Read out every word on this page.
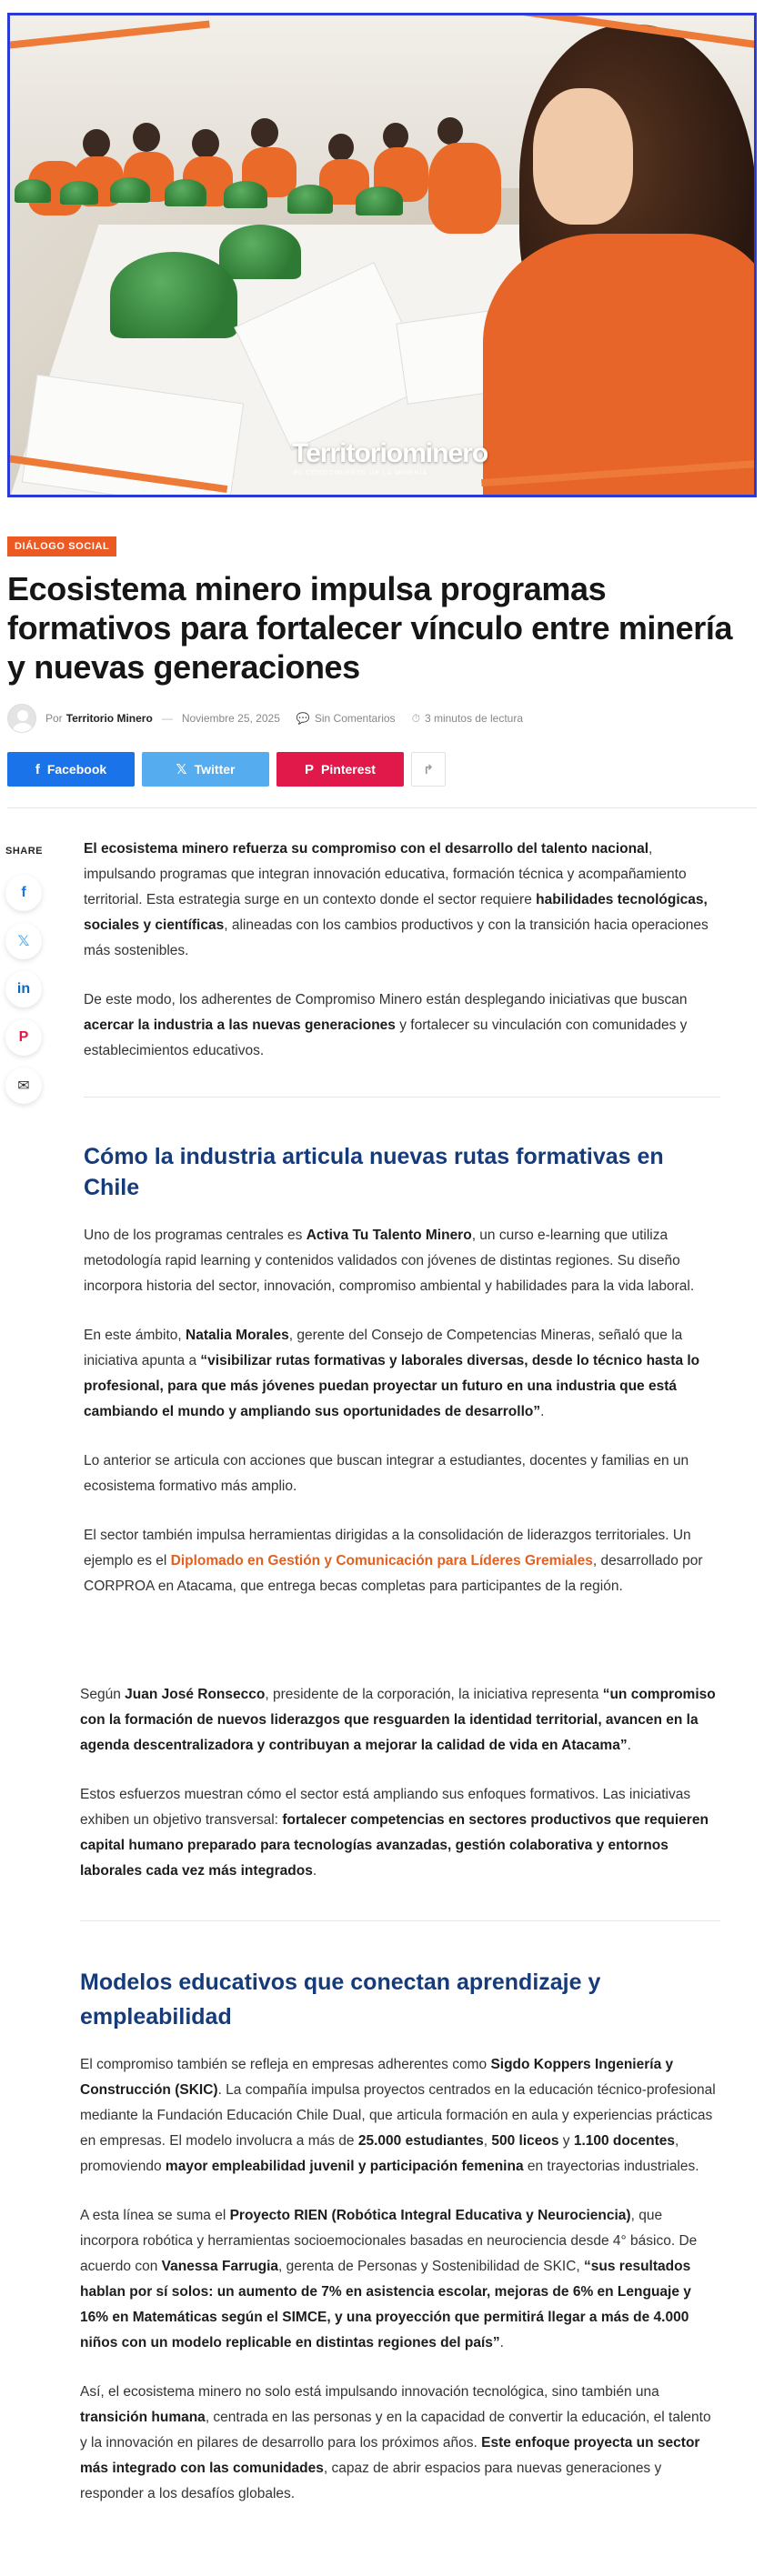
Territoriominero
EL CONOCIMIENTO DE LA MINERÍA
DIÁLOGO SOCIAL
Ecosistema minero impulsa programas formativos para fortalecer vínculo entre minería y nuevas generaciones
Por Territorio Minero — Noviembre 25, 2025 💬 Sin Comentarios ⏱ 3 minutos de lectura
f Facebook	𝕏 Twitter	P Pinterest	↱
SHARE
f
𝕏
in
P
✉

El ecosistema minero refuerza su compromiso con el desarrollo del talento nacional, impulsando programas que integran innovación educativa, formación técnica y acompañamiento territorial. Esta estrategia surge en un contexto donde el sector requiere habilidades tecnológicas, sociales y científicas, alineadas con los cambios productivos y con la transición hacia operaciones más sostenibles.

De este modo, los adherentes de Compromiso Minero están desplegando iniciativas que buscan acercar la industria a las nuevas generaciones y fortalecer su vinculación con comunidades y establecimientos educativos.

Cómo la industria articula nuevas rutas formativas en Chile

Uno de los programas centrales es Activa Tu Talento Minero, un curso e-learning que utiliza metodología rapid learning y contenidos validados con jóvenes de distintas regiones. Su diseño incorpora historia del sector, innovación, compromiso ambiental y habilidades para la vida laboral.

En este ámbito, Natalia Morales, gerente del Consejo de Competencias Mineras, señaló que la iniciativa apunta a “visibilizar rutas formativas y laborales diversas, desde lo técnico hasta lo profesional, para que más jóvenes puedan proyectar un futuro en una industria que está cambiando el mundo y ampliando sus oportunidades de desarrollo”.

Lo anterior se articula con acciones que buscan integrar a estudiantes, docentes y familias en un ecosistema formativo más amplio.

El sector también impulsa herramientas dirigidas a la consolidación de liderazgos territoriales. Un ejemplo es el Diplomado en Gestión y Comunicación para Líderes Gremiales, desarrollado por CORPROA en Atacama, que entrega becas completas para participantes de la región.

Según Juan José Ronsecco, presidente de la corporación, la iniciativa representa “un compromiso con la formación de nuevos liderazgos que resguarden la identidad territorial, avancen en la agenda descentralizadora y contribuyan a mejorar la calidad de vida en Atacama”.

Estos esfuerzos muestran cómo el sector está ampliando sus enfoques formativos. Las iniciativas exhiben un objetivo transversal: fortalecer competencias en sectores productivos que requieren capital humano preparado para tecnologías avanzadas, gestión colaborativa y entornos laborales cada vez más integrados.

Modelos educativos que conectan aprendizaje y empleabilidad

El compromiso también se refleja en empresas adherentes como Sigdo Koppers Ingeniería y Construcción (SKIC). La compañía impulsa proyectos centrados en la educación técnico-profesional mediante la Fundación Educación Chile Dual, que articula formación en aula y experiencias prácticas en empresas. El modelo involucra a más de 25.000 estudiantes, 500 liceos y 1.100 docentes, promoviendo mayor empleabilidad juvenil y participación femenina en trayectorias industriales.

A esta línea se suma el Proyecto RIEN (Robótica Integral Educativa y Neurociencia), que incorpora robótica y herramientas socioemocionales basadas en neurociencia desde 4° básico. De acuerdo con Vanessa Farrugia, gerenta de Personas y Sostenibilidad de SKIC, “sus resultados hablan por sí solos: un aumento de 7% en asistencia escolar, mejoras de 6% en Lenguaje y 16% en Matemáticas según el SIMCE, y una proyección que permitirá llegar a más de 4.000 niños con un modelo replicable en distintas regiones del país”.

Así, el ecosistema minero no solo está impulsando innovación tecnológica, sino también una transición humana, centrada en las personas y en la capacidad de convertir la educación, el talento y la innovación en pilares de desarrollo para los próximos años. Este enfoque proyecta un sector más integrado con las comunidades, capaz de abrir espacios para nuevas generaciones y responder a los desafíos globales.
